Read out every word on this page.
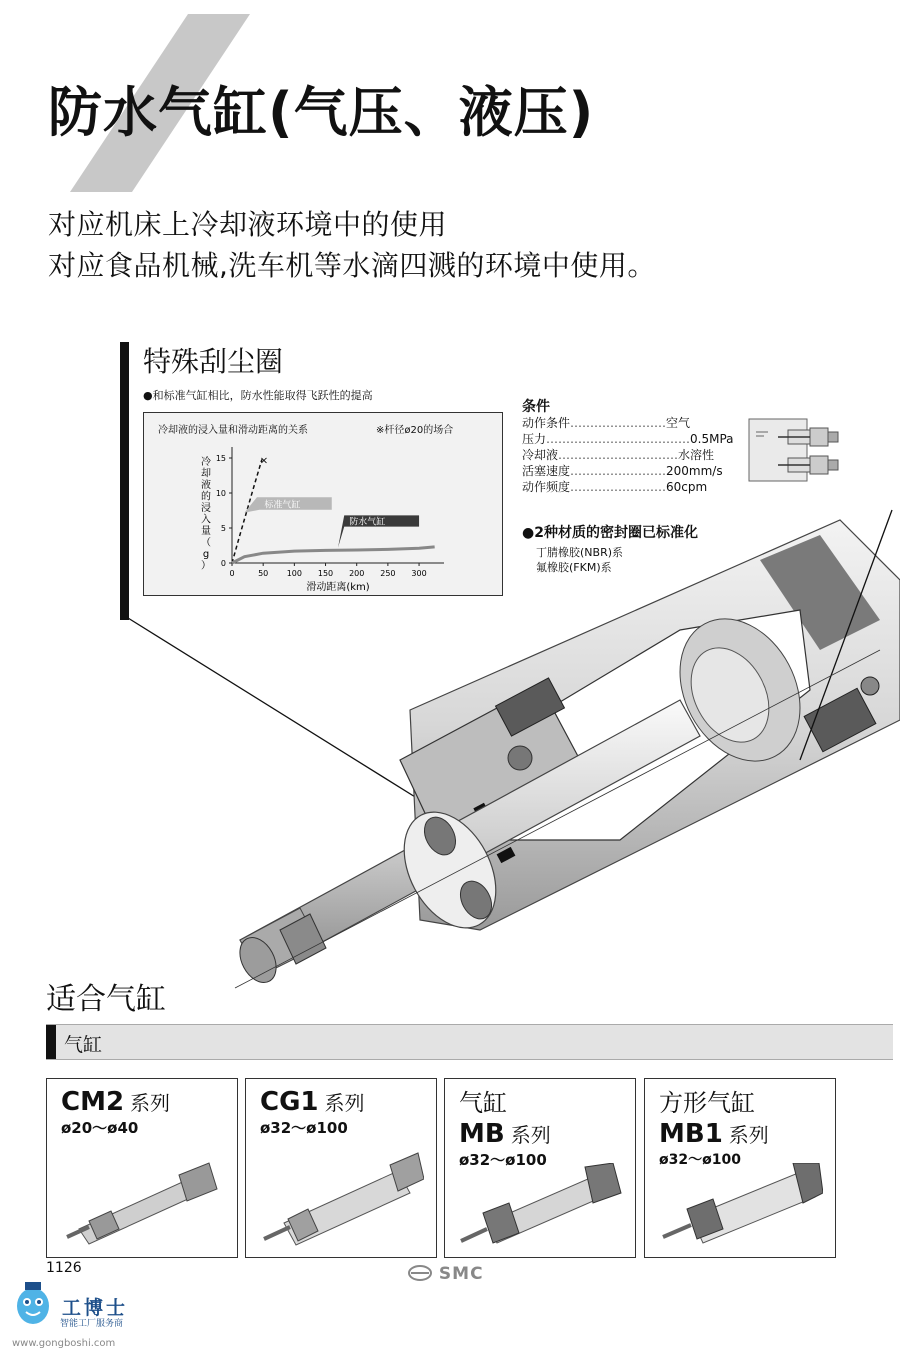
防水气缸(气压、液压)
对应机床上冷却液环境中的使用
对应食品机械,洗车机等水滴四溅的环境中使用。
特殊刮尘圈
●和标准气缸相比，防水性能取得飞跃性的提高
冷却液的浸入量和滑动距离的关系	※杆径ø20的场合
0
5
10
15
0	50 100 150 200 250 300
滑动距离(km)
冷却液的浸入量（ g ）
×
标准气缸
防水气缸
条件
动作条件……………………空气
压力………………………………0.5MPa
冷却液…………………………水溶性
活塞速度……………………200mm/s
动作频度……………………60cpm
●2种材质的密封圈已标准化
丁腈橡胶(NBR)系
氟橡胶(FKM)系
适合气缸
气缸
CM2 系列
ø20～ø40
CG1 系列
ø32～ø100
气缸
MB 系列
ø32～ø100
方形气缸
MB1 系列
ø32～ø100
1126	SMC
工博士
智能工厂服务商
www.gongboshi.com
